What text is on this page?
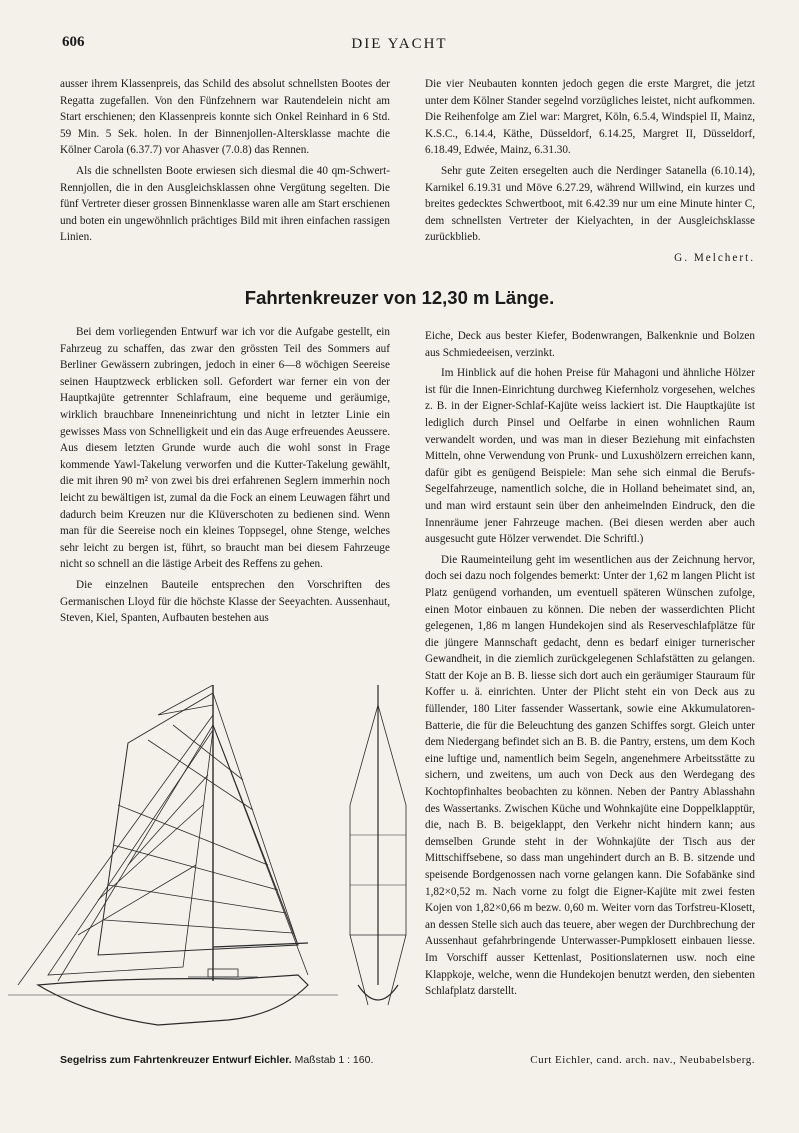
606	DIE YACHT

ausser ihrem Klassenpreis, das Schild des absolut schnellsten Bootes der Regatta zugefallen. Von den Fünfzehnern war Rautendelein nicht am Start erschienen; den Klassenpreis konnte sich Onkel Reinhard in 6 Std. 59 Min. 5 Sek. holen. In der Binnenjollen-Altersklasse machte die Kölner Carola (6.37.7) vor Ahasver (7.0.8) das Rennen.

Als die schnellsten Boote erwiesen sich diesmal die 40 qm-Schwert-Rennjollen, die in den Ausgleichsklassen ohne Vergütung segelten. Die fünf Vertreter dieser grossen Binnenklasse waren alle am Start erschienen und boten ein ungewöhnlich prächtiges Bild mit ihren einfachen rassigen Linien.

Die vier Neubauten konnten jedoch gegen die erste Margret, die jetzt unter dem Kölner Stander segelnd vorzügliches leistet, nicht aufkommen. Die Reihenfolge am Ziel war: Margret, Köln, 6.5.4, Windspiel II, Mainz, K.S.C., 6.14.4, Käthe, Düsseldorf, 6.14.25, Margret II, Düsseldorf, 6.18.49, Edwée, Mainz, 6.31.30.

Sehr gute Zeiten ersegelten auch die Nerdinger Satanella (6.10.14), Karnikel 6.19.31 und Möve 6.27.29, während Willwind, ein kurzes und breites gedecktes Schwertboot, mit 6.42.39 nur um eine Minute hinter C, dem schnellsten Vertreter der Kielyachten, in der Ausgleichsklasse zurückblieb.

G. Melchert.
Fahrtenkreuzer von 12,30 m Länge.

Bei dem vorliegenden Entwurf war ich vor die Aufgabe gestellt, ein Fahrzeug zu schaffen, das zwar den grössten Teil des Sommers auf Berliner Gewässern zubringen, jedoch in einer 6—8 wöchigen Seereise seinen Hauptzweck erblicken soll. Gefordert war ferner ein von der Hauptkajüte getrennter Schlafraum, eine bequeme und geräumige, wirklich brauchbare Inneneinrichtung und nicht in letzter Linie ein gewisses Mass von Schnelligkeit und ein das Auge erfreuendes Aeussere. Aus diesem letzten Grunde wurde auch die wohl sonst in Frage kommende Yawl-Takelung verworfen und die Kutter-Takelung gewählt, die mit ihren 90 m² von zwei bis drei erfahrenen Seglern immerhin noch leicht zu bewältigen ist, zumal da die Fock an einem Leuwagen fährt und dadurch beim Kreuzen nur die Klüverschoten zu bedienen sind. Wenn man für die Seereise noch ein kleines Toppsegel, ohne Stenge, welches sehr leicht zu bergen ist, führt, so braucht man bei diesem Fahrzeuge nicht so schnell an die lästige Arbeit des Reffens zu gehen.

Die einzelnen Bauteile entsprechen den Vorschriften des Germanischen Lloyd für die höchste Klasse der Seeyachten. Aussenhaut, Steven, Kiel, Spanten, Aufbauten bestehen aus

Eiche, Deck aus bester Kiefer, Bodenwrangen, Balkenknie und Bolzen aus Schmiedeeisen, verzinkt.

Im Hinblick auf die hohen Preise für Mahagoni und ähnliche Hölzer ist für die Innen-Einrichtung durchweg Kiefernholz vorgesehen, welches z. B. in der Eigner-Schlaf-Kajüte weiss lackiert ist. Die Hauptkajüte ist lediglich durch Pinsel und Oelfarbe in einen wohnlichen Raum verwandelt worden, und was man in dieser Beziehung mit einfachsten Mitteln, ohne Verwendung von Prunk- und Luxushölzern erreichen kann, dafür gibt es genügend Beispiele: Man sehe sich einmal die Berufs-Segelfahrzeuge, namentlich solche, die in Holland beheimatet sind, an, und man wird erstaunt sein über den anheimelnden Eindruck, den die Innenräume jener Fahrzeuge machen. (Bei diesen werden aber auch ausgesucht gute Hölzer verwendet. Die Schriftl.)

Die Raumeinteilung geht im wesentlichen aus der Zeichnung hervor, doch sei dazu noch folgendes bemerkt: Unter der 1,62 m langen Plicht ist Platz genügend vorhanden, um eventuell späteren Wünschen zufolge, einen Motor einbauen zu können. Die neben der wasserdichten Plicht gelegenen, 1,86 m langen Hundekojen sind als Reserveschlafplätze für die jüngere Mannschaft gedacht, denn es bedarf einiger turnerischer Gewandheit, in die ziemlich zurückgelegenen Schlafstätten zu gelangen. Statt der Koje an B. B. liesse sich dort auch ein geräumiger Stauraum für Koffer u. ä. einrichten. Unter der Plicht steht ein von Deck aus zu füllender, 180 Liter fassender Wassertank, sowie eine Akkumulatoren-Batterie, die für die Beleuchtung des ganzen Schiffes sorgt. Gleich unter dem Niedergang befindet sich an B. B. die Pantry, erstens, um dem Koch eine luftige und, namentlich beim Segeln, angenehmere Arbeitsstätte zu sichern, und zweitens, um auch von Deck aus den Werdegang des Kochtopfinhaltes beobachten zu können. Neben der Pantry Ablasshahn des Wassertanks. Zwischen Küche und Wohnkajüte eine Doppelklapptür, die, nach B. B. beigeklappt, den Verkehr nicht hindern kann; aus demselben Grunde steht in der Wohnkajüte der Tisch aus der Mittschiffsebene, so dass man ungehindert durch an B. B. sitzende und speisende Bordgenossen nach vorne gelangen kann. Die Sofabänke sind 1,82×0,52 m. Nach vorne zu folgt die Eigner-Kajüte mit zwei festen Kojen von 1,82×0,66 m bezw. 0,60 m. Weiter vorn das Torfstreu-Klosett, an dessen Stelle sich auch das teuere, aber wegen der Durchbrechung der Aussenhaut gefahrbringende Unterwasser-Pumpklosett einbauen liesse. Im Vorschiff ausser Kettenlast, Positionslaternen usw. noch eine Klappkoje, welche, wenn die Hundekojen benutzt werden, den siebenten Schlafplatz darstellt.

Segelriss zum Fahrtenkreuzer Entwurf Eichler. Maßstab 1 : 160.	Curt Eichler, cand. arch. nav., Neubabelsberg.
